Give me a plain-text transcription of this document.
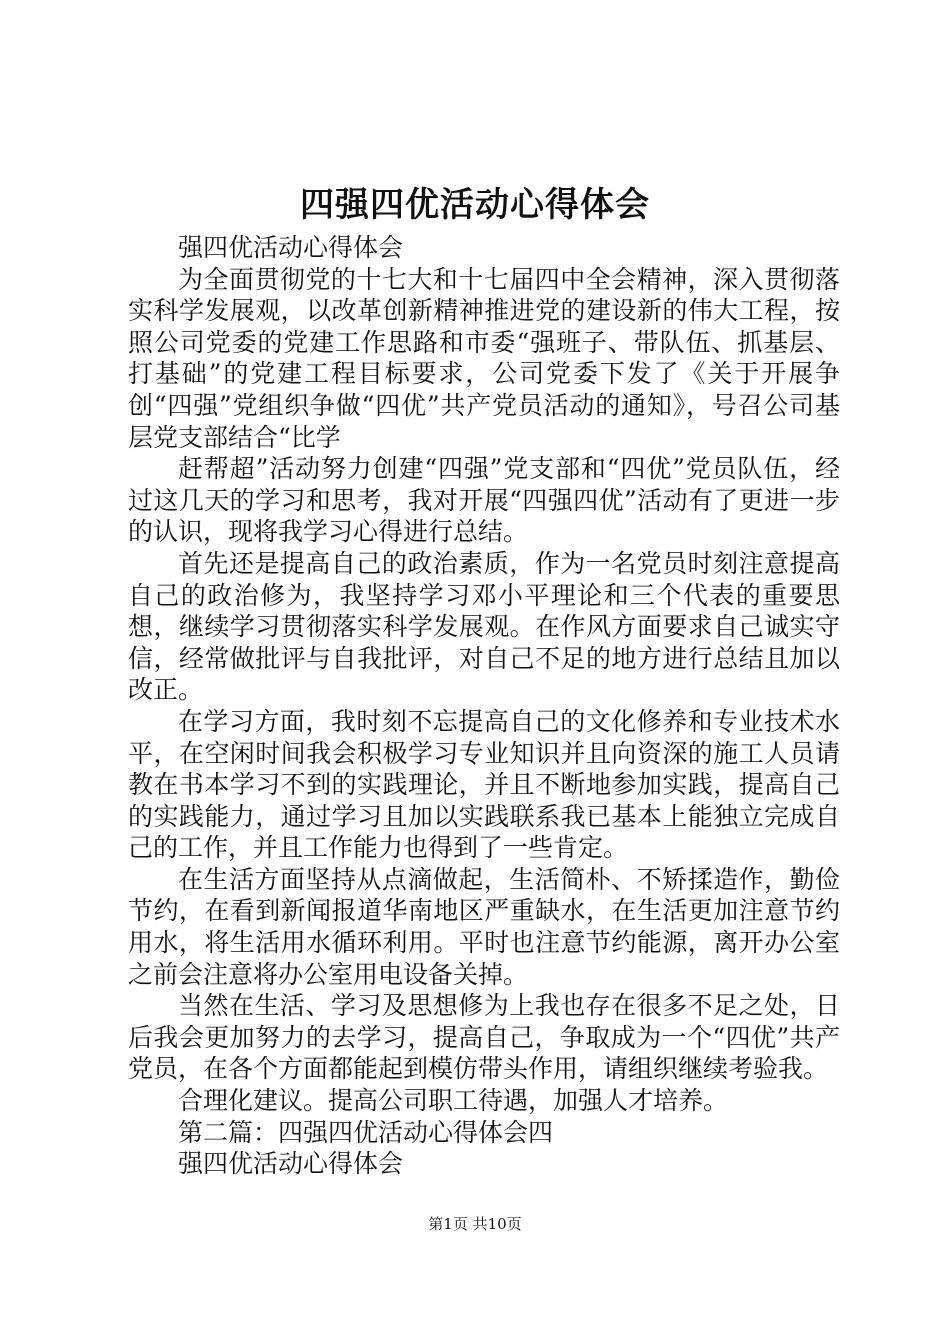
四强四优活动心得体会

强四优活动心得体会

为全面贯彻党的十七大和十七届四中全会精神，深入贯彻落实科学发展观，以改革创新精神推进党的建设新的伟大工程，按照公司党委的党建工作思路和市委“强班子、带队伍、抓基层、打基础”的党建工程目标要求，公司党委下发了《关于开展争创“四强”党组织争做“四优”共产党员活动的通知》，号召公司基层党支部结合“比学

赶帮超”活动努力创建“四强”党支部和“四优”党员队伍，经过这几天的学习和思考，我对开展“四强四优”活动有了更进一步的认识，现将我学习心得进行总结。

首先还是提高自己的政治素质，作为一名党员时刻注意提高自己的政治修为，我坚持学习邓小平理论和三个代表的重要思想，继续学习贯彻落实科学发展观。在作风方面要求自己诚实守信，经常做批评与自我批评，对自己不足的地方进行总结且加以改正。

在学习方面，我时刻不忘提高自己的文化修养和专业技术水平，在空闲时间我会积极学习专业知识并且向资深的施工人员请教在书本学习不到的实践理论，并且不断地参加实践，提高自己的实践能力，通过学习且加以实践联系我已基本上能独立完成自己的工作，并且工作能力也得到了一些肯定。

在生活方面坚持从点滴做起，生活简朴、不矫揉造作，勤俭节约，在看到新闻报道华南地区严重缺水，在生活更加注意节约用水，将生活用水循环利用。平时也注意节约能源，离开办公室之前会注意将办公室用电设备关掉。

当然在生活、学习及思想修为上我也存在很多不足之处，日后我会更加努力的去学习，提高自己，争取成为一个“四优”共产党员，在各个方面都能起到模仿带头作用，请组织继续考验我。

合理化建议。提高公司职工待遇，加强人才培养。

第二篇：四强四优活动心得体会四

强四优活动心得体会

第1页 共10页
